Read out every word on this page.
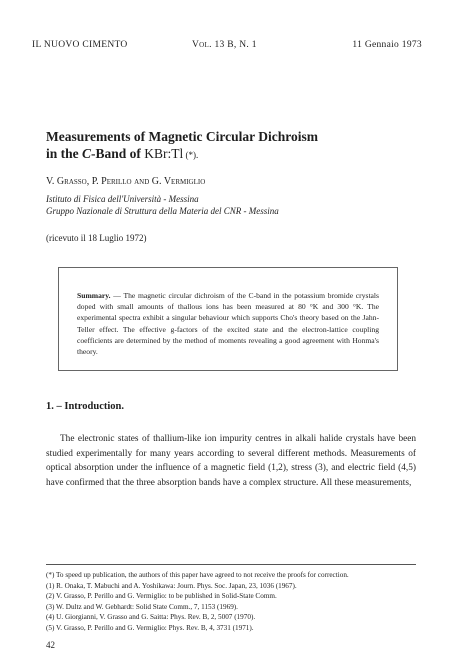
IL NUOVO CIMENTO	Vol. 13 B, N. 1	11 Gennaio 1973
Measurements of Magnetic Circular Dichroism
in the C-Band of KBr:Tl (*).
V. Grasso, P. Perillo and G. Vermiglio
Istituto di Fisica dell'Università - Messina
Gruppo Nazionale di Struttura della Materia del CNR - Messina
(ricevuto il 18 Luglio 1972)
Summary. — The magnetic circular dichroism of the C-band in the potassium bromide crystals doped with small amounts of thallous ions has been measured at 80 °K and 300 °K. The experimental spectra exhibit a singular behaviour which supports Cho's theory based on the Jahn-Teller effect. The effective g-factors of the excited state and the electron-lattice coupling coefficients are determined by the method of moments revealing a good agreement with Honma's theory.
1. – Introduction.
The electronic states of thallium-like ion impurity centres in alkali halide crystals have been studied experimentally for many years according to several different methods. Measurements of optical absorption under the influence of a magnetic field (1,2), stress (3), and electric field (4,5) have confirmed that the three absorption bands have a complex structure. All these measurements,

(*) To speed up publication, the authors of this paper have agreed to not receive the proofs for correction.

(1) R. Onaka, T. Mabuchi and A. Yoshikawa: Journ. Phys. Soc. Japan, 23, 1036 (1967).

(2) V. Grasso, P. Perillo and G. Vermiglio: to be published in Solid-State Comm.

(3) W. Dultz and W. Gebhardt: Solid State Comm., 7, 1153 (1969).

(4) U. Giorgianni, V. Grasso and G. Saitta: Phys. Rev. B, 2, 5007 (1970).

(5) V. Grasso, P. Perillo and G. Vermiglio: Phys. Rev. B, 4, 3731 (1971).

42
